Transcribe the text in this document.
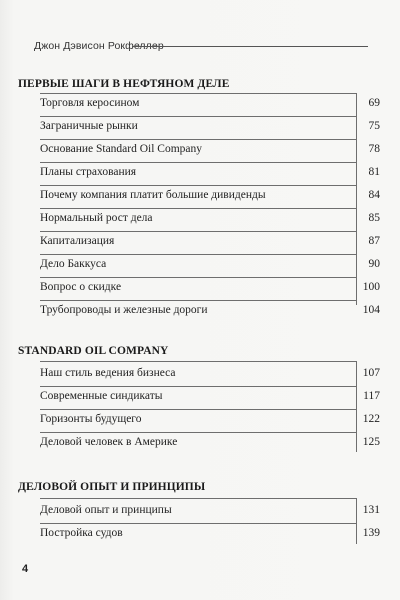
Джон Дэвисон Рокфеллер
ПЕРВЫЕ ШАГИ В НЕФТЯНОМ ДЕЛЕ
Торговля керосином	69
Заграничные рынки	75
Основание Standard Oil Company	78
Планы страхования	81
Почему компания платит большие дивиденды	84
Нормальный рост дела	85
Капитализация	87
Дело Баккуса	90
Вопрос о скидке	100
Трубопроводы и железные дороги	104
STANDARD OIL COMPANY
Наш стиль ведения бизнеса	107
Современные синдикаты	117
Горизонты будущего	122
Деловой человек в Америке	125
ДЕЛОВОЙ ОПЫТ И ПРИНЦИПЫ
Деловой опыт и принципы	131
Постройка судов	139
4
